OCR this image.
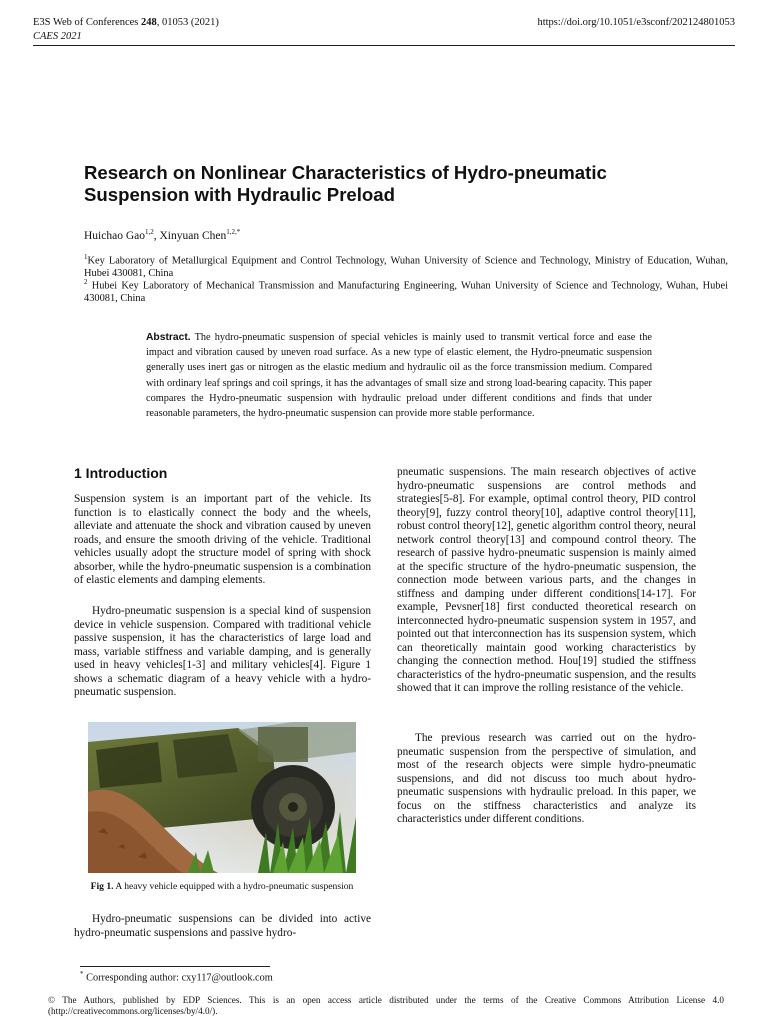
E3S Web of Conferences 248, 01053 (2021)
CAES 2021
https://doi.org/10.1051/e3sconf/202124801053
Research on Nonlinear Characteristics of Hydro-pneumatic
Suspension with Hydraulic Preload
Huichao Gao$^{1,2}$, Xinyuan Chen$^{1,2,*}$
$^1$Key Laboratory of Metallurgical Equipment and Control Technology, Wuhan University of Science and Technology, Ministry of Education, Wuhan, Hubei 430081, China
$^2$ Hubei Key Laboratory of Mechanical Transmission and Manufacturing Engineering, Wuhan University of Science and Technology, Wuhan, Hubei 430081, China
Abstract. The hydro-pneumatic suspension of special vehicles is mainly used to transmit vertical force and ease the impact and vibration caused by uneven road surface. As a new type of elastic element, the Hydro-pneumatic suspension generally uses inert gas or nitrogen as the elastic medium and hydraulic oil as the force transmission medium. Compared with ordinary leaf springs and coil springs, it has the advantages of small size and strong load-bearing capacity. This paper compares the Hydro-pneumatic suspension with hydraulic preload under different conditions and finds that under reasonable parameters, the hydro-pneumatic suspension can provide more stable performance.
1 Introduction

Suspension system is an important part of the vehicle. Its function is to elastically connect the body and the wheels, alleviate and attenuate the shock and vibration caused by uneven roads, and ensure the smooth driving of the vehicle. Traditional vehicles usually adopt the structure model of spring with shock absorber, while the hydro-pneumatic suspension is a combination of elastic elements and damping elements.

Hydro-pneumatic suspension is a special kind of suspension device in vehicle suspension. Compared with traditional vehicle passive suspension, it has the characteristics of large load and mass, variable stiffness and variable damping, and is generally used in heavy vehicles[1-3] and military vehicles[4]. Figure 1 shows a schematic diagram of a heavy vehicle with a hydro-pneumatic suspension.

Fig 1. A heavy vehicle equipped with a hydro-pneumatic suspension

Hydro-pneumatic suspensions can be divided into active hydro-pneumatic suspensions and passive hydro-

pneumatic suspensions. The main research objectives of active hydro-pneumatic suspensions are control methods and strategies[5-8]. For example, optimal control theory, PID control theory[9], fuzzy control theory[10], adaptive control theory[11], robust control theory[12], genetic algorithm control theory, neural network control theory[13] and compound control theory. The research of passive hydro-pneumatic suspension is mainly aimed at the specific structure of the hydro-pneumatic suspension, the connection mode between various parts, and the changes in stiffness and damping under different conditions[14-17]. For example, Pevsner[18] first conducted theoretical research on interconnected hydro-pneumatic suspension system in 1957, and pointed out that interconnection has its suspension system, which can theoretically maintain good working characteristics by changing the connection method. Hou[19] studied the stiffness characteristics of the hydro-pneumatic suspension, and the results showed that it can improve the rolling resistance of the vehicle.

The previous research was carried out on the hydro-pneumatic suspension from the perspective of simulation, and most of the research objects were simple hydro-pneumatic suspensions, and did not discuss too much about hydro-pneumatic suspensions with hydraulic preload. In this paper, we focus on the stiffness characteristics and analyze its characteristics under different conditions.

* Corresponding author: cxy117@outlook.com
© The Authors, published by EDP Sciences. This is an open access article distributed under the terms of the Creative Commons Attribution License 4.0 (http://creativecommons.org/licenses/by/4.0/).
